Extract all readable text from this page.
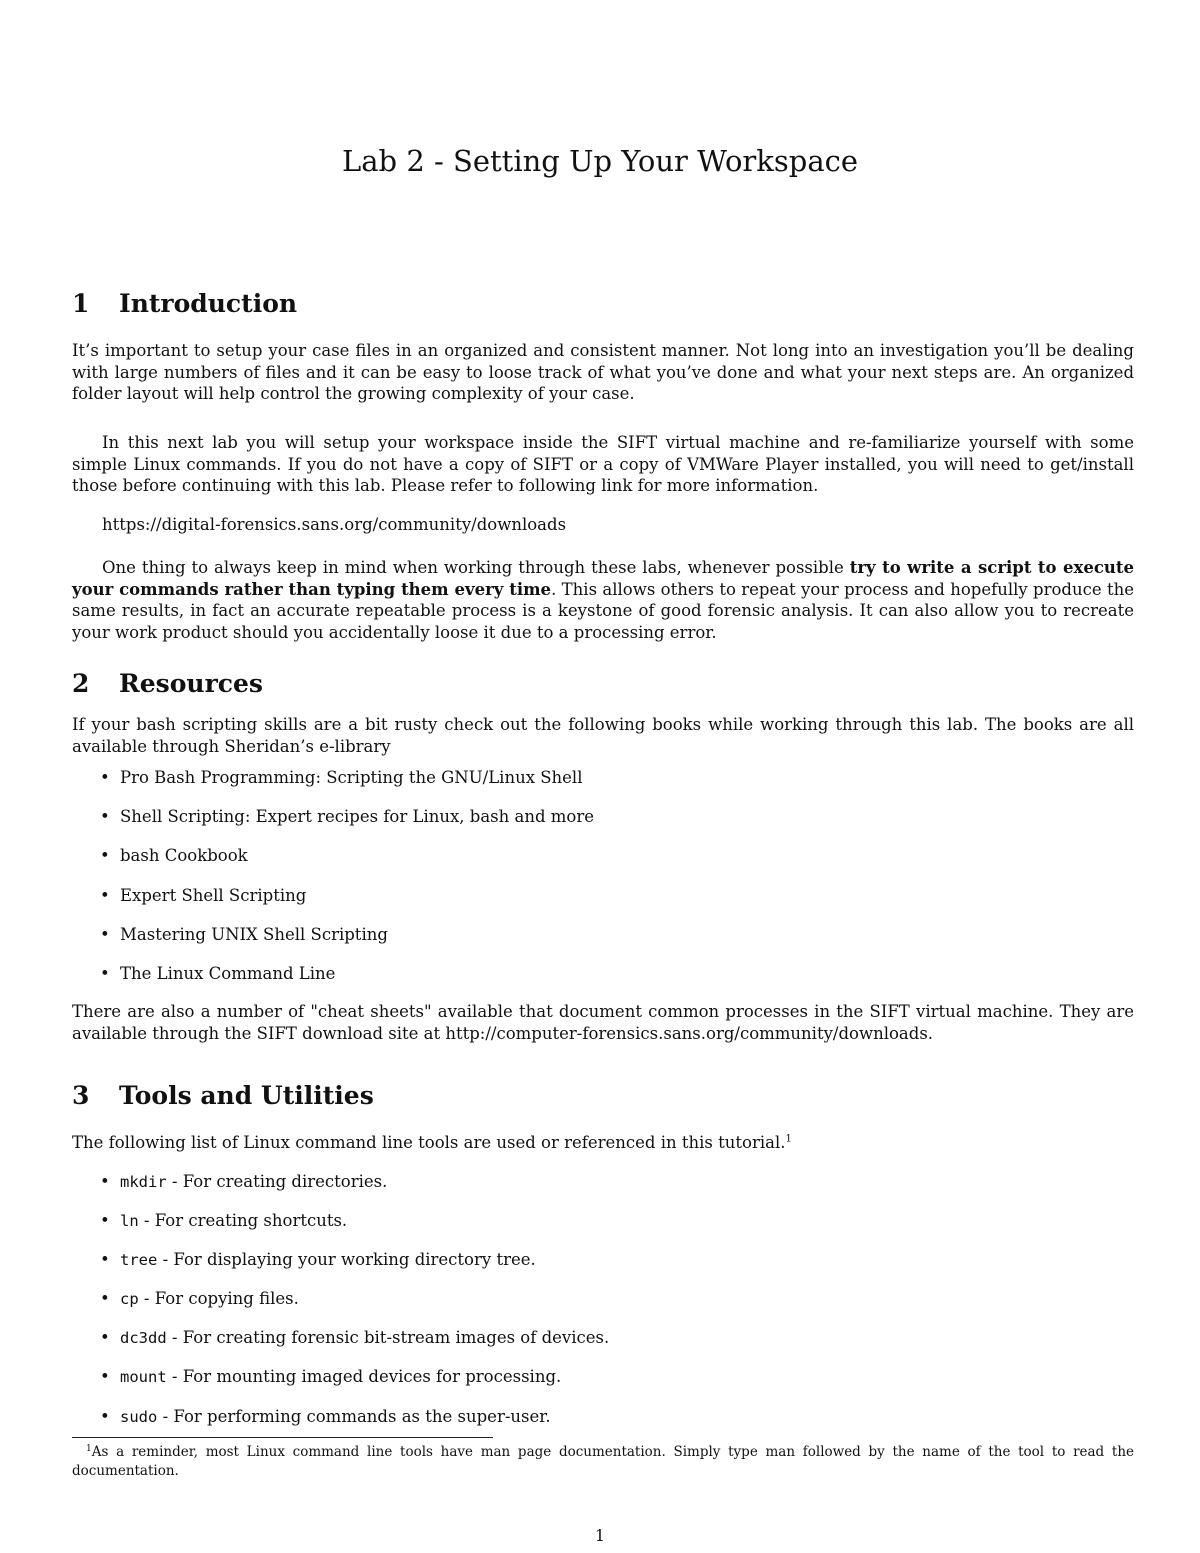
Lab 2 - Setting Up Your Workspace
1 Introduction

It’s important to setup your case files in an organized and consistent manner. Not long into an investigation you’ll be dealing with large numbers of files and it can be easy to loose track of what you’ve done and what your next steps are. An organized folder layout will help control the growing complexity of your case.

In this next lab you will setup your workspace inside the SIFT virtual machine and re-familiarize yourself with some simple Linux commands. If you do not have a copy of SIFT or a copy of VMWare Player installed, you will need to get/install those before continuing with this lab. Please refer to following link for more information.

https://digital-forensics.sans.org/community/downloads

One thing to always keep in mind when working through these labs, whenever possible try to write a script to execute your commands rather than typing them every time. This allows others to repeat your process and hopefully produce the same results, in fact an accurate repeatable process is a keystone of good forensic analysis. It can also allow you to recreate your work product should you accidentally loose it due to a processing error.

2 Resources

If your bash scripting skills are a bit rusty check out the following books while working through this lab. The books are all available through Sheridan’s e-library

• Pro Bash Programming: Scripting the GNU/Linux Shell
• Shell Scripting: Expert recipes for Linux, bash and more
• bash Cookbook
• Expert Shell Scripting
• Mastering UNIX Shell Scripting
• The Linux Command Line

There are also a number of "cheat sheets" available that document common processes in the SIFT virtual machine. They are available through the SIFT download site at http://computer-forensics.sans.org/community/downloads.

3 Tools and Utilities

The following list of Linux command line tools are used or referenced in this tutorial.$^1$

• mkdir - For creating directories.
• ln - For creating shortcuts.
• tree - For displaying your working directory tree.
• cp - For copying files.
• dc3dd - For creating forensic bit-stream images of devices.
• mount - For mounting imaged devices for processing.
• sudo - For performing commands as the super-user.

$^1$As a reminder, most Linux command line tools have man page documentation. Simply type man followed by the name of the tool to read the documentation.

1
